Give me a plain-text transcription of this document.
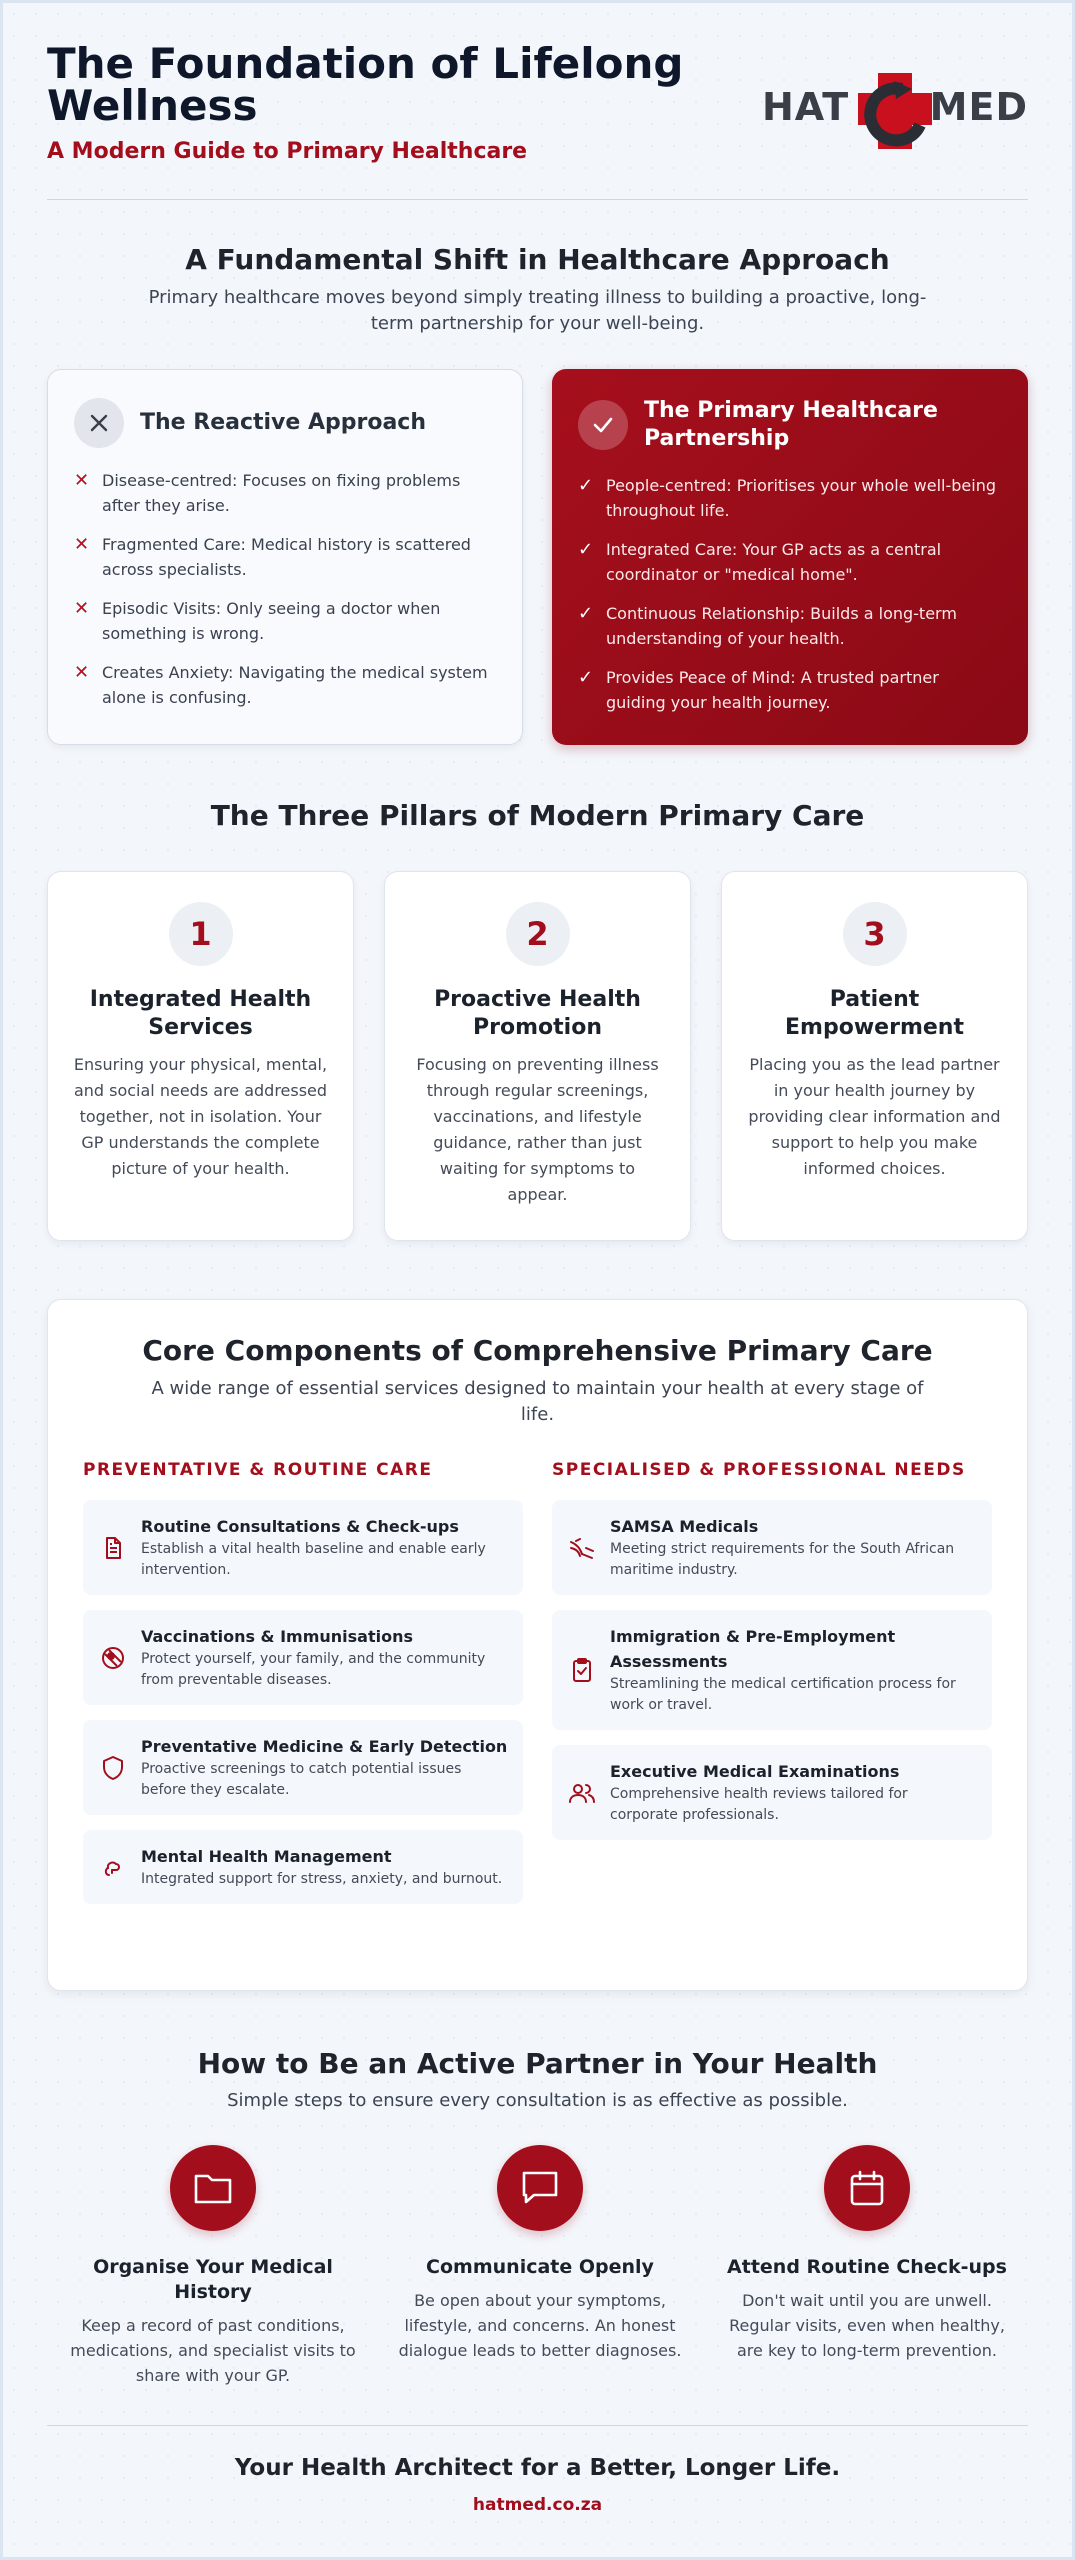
The Foundation of Lifelong Wellness
A Modern Guide to Primary Healthcare
HAT MED
A Fundamental Shift in Healthcare Approach
Primary healthcare moves beyond simply treating illness to building a proactive, long-term partnership for your well-being.
The Reactive Approach
✕ Disease-centred: Focuses on fixing problems after they arise.
✕ Fragmented Care: Medical history is scattered across specialists.
✕ Episodic Visits: Only seeing a doctor when something is wrong.
✕ Creates Anxiety: Navigating the medical system alone is confusing.
The Primary Healthcare Partnership
✓ People-centred: Prioritises your whole well-being throughout life.
✓ Integrated Care: Your GP acts as a central coordinator or "medical home".
✓ Continuous Relationship: Builds a long-term understanding of your health.
✓ Provides Peace of Mind: A trusted partner guiding your health journey.
The Three Pillars of Modern Primary Care
1
Integrated Health Services
Ensuring your physical, mental, and social needs are addressed together, not in isolation. Your GP understands the complete picture of your health.
2
Proactive Health Promotion
Focusing on preventing illness through regular screenings, vaccinations, and lifestyle guidance, rather than just waiting for symptoms to appear.
3
Patient Empowerment
Placing you as the lead partner in your health journey by providing clear information and support to help you make informed choices.
Core Components of Comprehensive Primary Care
A wide range of essential services designed to maintain your health at every stage of life.
PREVENTATIVE & ROUTINE CARE
Routine Consultations & Check-ups
Establish a vital health baseline and enable early intervention.
Vaccinations & Immunisations
Protect yourself, your family, and the community from preventable diseases.
Preventative Medicine & Early Detection
Proactive screenings to catch potential issues before they escalate.
Mental Health Management
Integrated support for stress, anxiety, and burnout.
SPECIALISED & PROFESSIONAL NEEDS
SAMSA Medicals
Meeting strict requirements for the South African maritime industry.
Immigration & Pre-Employment Assessments
Streamlining the medical certification process for work or travel.
Executive Medical Examinations
Comprehensive health reviews tailored for corporate professionals.
How to Be an Active Partner in Your Health
Simple steps to ensure every consultation is as effective as possible.
Organise Your Medical History
Keep a record of past conditions, medications, and specialist visits to share with your GP.
Communicate Openly
Be open about your symptoms, lifestyle, and concerns. An honest dialogue leads to better diagnoses.
Attend Routine Check-ups
Don't wait until you are unwell. Regular visits, even when healthy, are key to long-term prevention.
Your Health Architect for a Better, Longer Life.
hatmed.co.za
